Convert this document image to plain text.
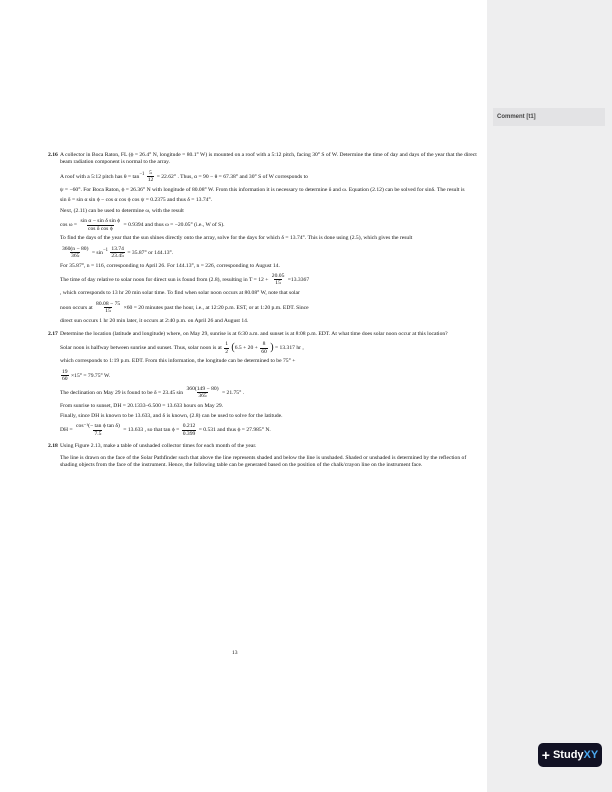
2.16 A collector in Boca Raton, FL (ϕ = 26.4° N, longitude = 80.1° W) is mounted on a roof with a 5:12 pitch, facing 30° S of W. Determine the time of day and days of the year that the direct beam radiation component is normal to the array.

A roof with a 5:12 pitch has $\theta = \tan^{-1} \frac{5}{12} = 22.62^\circ$ . Thus, α = 90 − θ = 67.38° and 30° S of W corresponds to

ψ = −60°. For Boca Raton, ϕ = 26.36° N with longitude of 80.08° W. From this information it is necessary to determine δ and ω. Equation (2.12) can be solved for sinδ. The result is

sin δ = sin α sin ϕ − cos α cos ϕ cos ψ = 0.2375 and thus δ = 13.74°.

Next, (2.11) can be used to determine ω, with the result

$\cos \omega = \frac{\text{sin α − sin δ sin ϕ}}{\text{cos δ cos ϕ}} = 0.9394$ and thus ω = −20.05° (i.e., W of S).

To find the days of the year that the sun shines directly onto the array, solve for the days for which δ = 13.74°. This is done using (2.5), which gives the result

$\frac{360(n - 80)}{365} = \sin^{-1} \frac{13.74}{23.45} = 35.87^\circ$ or 144.13°.

For 35.87°, n = 116, corresponding to April 26. For 144.13°, n = 226, corresponding to August 14.

The time of day relative to solar noon for direct sun is found from (2.8), resulting in $T = 12 + \frac{20.05}{15} =13.3367$

, which corresponds to 13 hr 20 min solar time. To find when solar noon occurs at 80.08° W, note that solar

noon occurs at $\frac{80.08 - 75}{15} \times 60 = 20$ minutes past the hour, i.e., at 12:20 p.m. EST, or at 1:20 p.m. EDT. Since

direct sun occurs 1 hr 20 min later, it occurs at 2:40 p.m. on April 26 and August 14.

2.17 Determine the location (latitude and longitude) where, on May 29, sunrise is at 6:30 a.m. and sunset is at 8:08 p.m. EDT. At what time does solar noon occur at this location?

Solar noon is halfway between sunrise and sunset. Thus, solar noon is at $\frac{1}{2} (6.5 + 20 + \frac{8}{60}$ ) = 13.317 hr ,

which corresponds to 1:19 p.m. EDT. From this information, the longitude can be determined to be 75° +

$\frac{19}{60} \times 15^\circ = 79.75^\circ$ W.

The declination on May 29 is found to be δ = 23.45 $\sin \frac{360(149 - 80)}{365} = 21.75^\circ$ .

From sunrise to sunset, DH = 20.1333–6.500 = 13.633 hours on May 29.

Finally, since DH is known to be 13.633, and δ is known, (2.8) can be used to solve for the latitude.

DH = $\frac{\text{cos⁻¹(− tan ϕ tan δ)}}{7.5} = 13.633$ , so that $\tan \phi = \frac{0.212}{0.399} = 0.531$ and thus ϕ = 27.985° N.

2.18 Using Figure 2.13, make a table of unshaded collector times for each month of the year.

The line is drawn on the face of the Solar Pathfinder such that above the line represents shaded and below the line is unshaded. Shaded or unshaded is determined by the reflection of shading objects from the face of the instrument. Hence, the following table can be generated based on the position of the chalk/crayon line on the instrument face.

13
Comment [t1]
+ Study XY
